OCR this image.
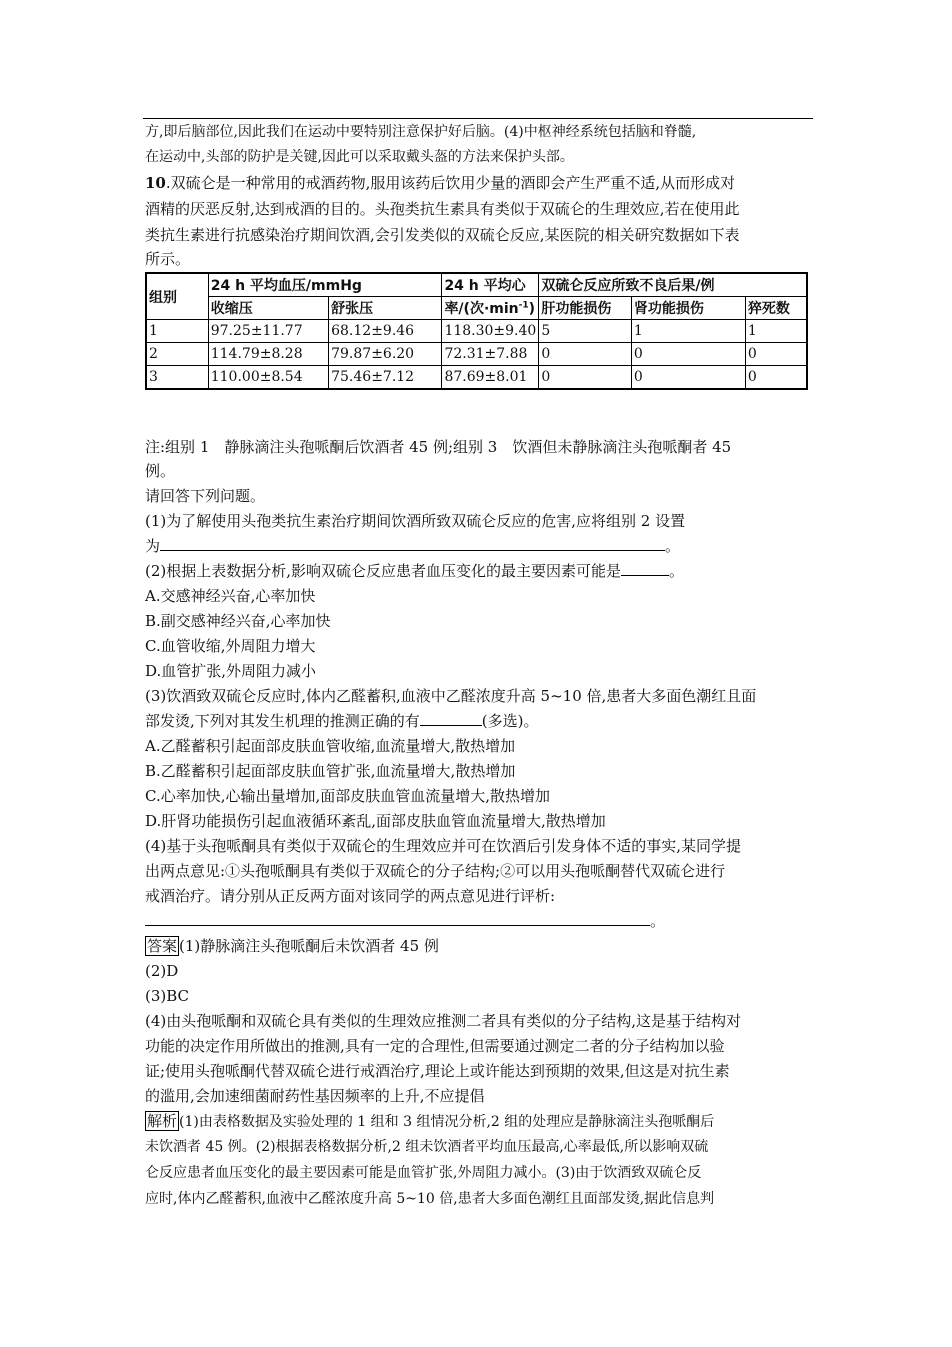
方,即后脑部位,因此我们在运动中要特别注意保护好后脑。(4)中枢神经系统包括脑和脊髓,
在运动中,头部的防护是关键,因此可以采取戴头盔的方法来保护头部。
10.双硫仑是一种常用的戒酒药物,服用该药后饮用少量的酒即会产生严重不适,从而形成对
酒精的厌恶反射,达到戒酒的目的。头孢类抗生素具有类似于双硫仑的生理效应,若在使用此
类抗生素进行抗感染治疗期间饮酒,会引发类似的双硫仑反应,某医院的相关研究数据如下表
所示。
组别	24 h 平均血压/mmHg		24 h 平均心	双硫仑反应所致不良后果/例		
	收缩压	舒张压	率/(次$\cdot\min^{-1}$)	肝功能损伤	肾功能损伤	猝死数
1	97.25±11.77	68.12±9.46	118.30±9.40	5	1	1
2	114.79±8.28	79.87±6.20	72.31±7.88	0	0	0
3	110.00±8.54	75.46±7.12	87.69±8.01	0	0	0
注:组别 1　静脉滴注头孢哌酮后饮酒者 45 例;组别 3　饮酒但未静脉滴注头孢哌酮者 45
例。
请回答下列问题。
(1)为了解使用头孢类抗生素治疗期间饮酒所致双硫仑反应的危害,应将组别 2 设置
为	。
(2)根据上表数据分析,影响双硫仑反应患者血压变化的最主要因素可能是	。
A.交感神经兴奋,心率加快
B.副交感神经兴奋,心率加快
C.血管收缩,外周阻力增大
D.血管扩张,外周阻力减小
(3)饮酒致双硫仑反应时,体内乙醛蓄积,血液中乙醛浓度升高 5~10 倍,患者大多面色潮红且面
部发烫,下列对其发生机理的推测正确的有	(多选)。
A.乙醛蓄积引起面部皮肤血管收缩,血流量增大,散热增加
B.乙醛蓄积引起面部皮肤血管扩张,血流量增大,散热增加
C.心率加快,心输出量增加,面部皮肤血管血流量增大,散热增加
D.肝肾功能损伤引起血液循环紊乱,面部皮肤血管血流量增大,散热增加
(4)基于头孢哌酮具有类似于双硫仑的生理效应并可在饮酒后引发身体不适的事实,某同学提
出两点意见:①头孢哌酮具有类似于双硫仑的分子结构;②可以用头孢哌酮替代双硫仑进行
戒酒治疗。请分别从正反两方面对该同学的两点意见进行评析:
。
答案 (1)静脉滴注头孢哌酮后未饮酒者 45 例
(2)D
(3)BC
(4)由头孢哌酮和双硫仑具有类似的生理效应推测二者具有类似的分子结构,这是基于结构对
功能的决定作用所做出的推测,具有一定的合理性,但需要通过测定二者的分子结构加以验
证;使用头孢哌酮代替双硫仑进行戒酒治疗,理论上或许能达到预期的效果,但这是对抗生素
的滥用,会加速细菌耐药性基因频率的上升,不应提倡
解析 (1)由表格数据及实验处理的 1 组和 3 组情况分析,2 组的处理应是静脉滴注头孢哌酮后
未饮酒者 45 例。(2)根据表格数据分析,2 组未饮酒者平均血压最高,心率最低,所以影响双硫
仑反应患者血压变化的最主要因素可能是血管扩张,外周阻力减小。(3)由于饮酒致双硫仑反
应时,体内乙醛蓄积,血液中乙醛浓度升高 5~10 倍,患者大多面色潮红且面部发烫,据此信息判
